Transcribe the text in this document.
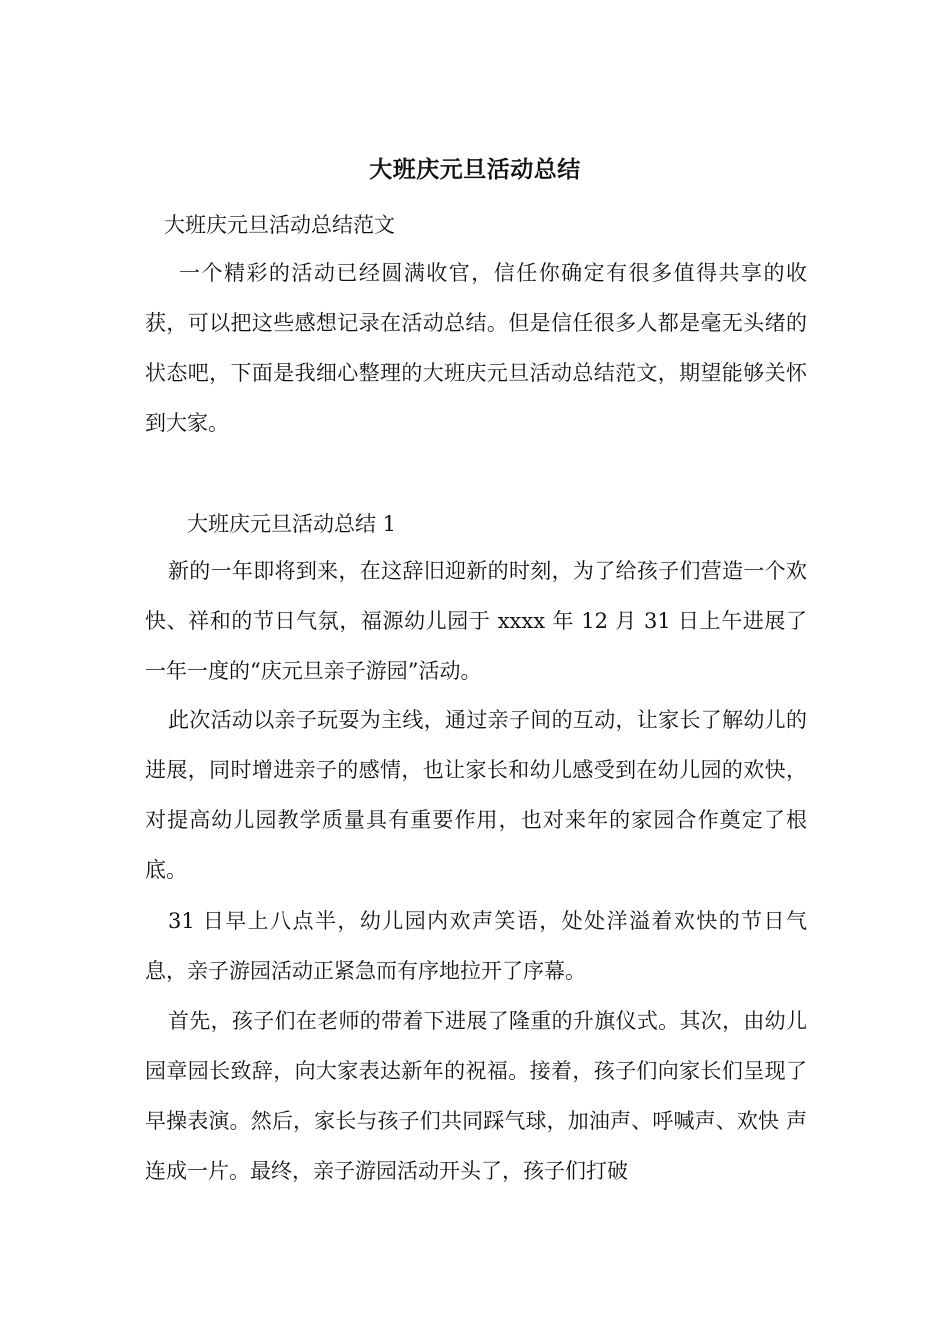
大班庆元旦活动总结
大班庆元旦活动总结范文
一个精彩的活动已经圆满收官，信任你确定有很多值得共享的收获，可以把这些感想记录在活动总结。但是信任很多人都是毫无头绪的状态吧，下面是我细心整理的大班庆元旦活动总结范文，期望能够关怀到大家。
大班庆元旦活动总结 1
新的一年即将到来，在这辞旧迎新的时刻，为了给孩子们营造一个欢快、祥和的节日气氛，福源幼儿园于 xxxx 年 12 月 31 日上午进展了一年一度的“庆元旦亲子游园”活动。
此次活动以亲子玩耍为主线，通过亲子间的互动，让家长了解幼儿的进展，同时增进亲子的感情，也让家长和幼儿感受到在幼儿园的欢快，对提高幼儿园教学质量具有重要作用，也对来年的家园合作奠定了根底。
31 日早上八点半，幼儿园内欢声笑语，处处洋溢着欢快的节日气息，亲子游园活动正紧急而有序地拉开了序幕。
首先，孩子们在老师的带着下进展了隆重的升旗仪式。其次，由幼儿园章园长致辞，向大家表达新年的祝福。接着，孩子们向家长们呈现了早操表演。然后，家长与孩子们共同踩气球，加油声、呼喊声、欢快 声连成一片。最终，亲子游园活动开头了，孩子们打破
